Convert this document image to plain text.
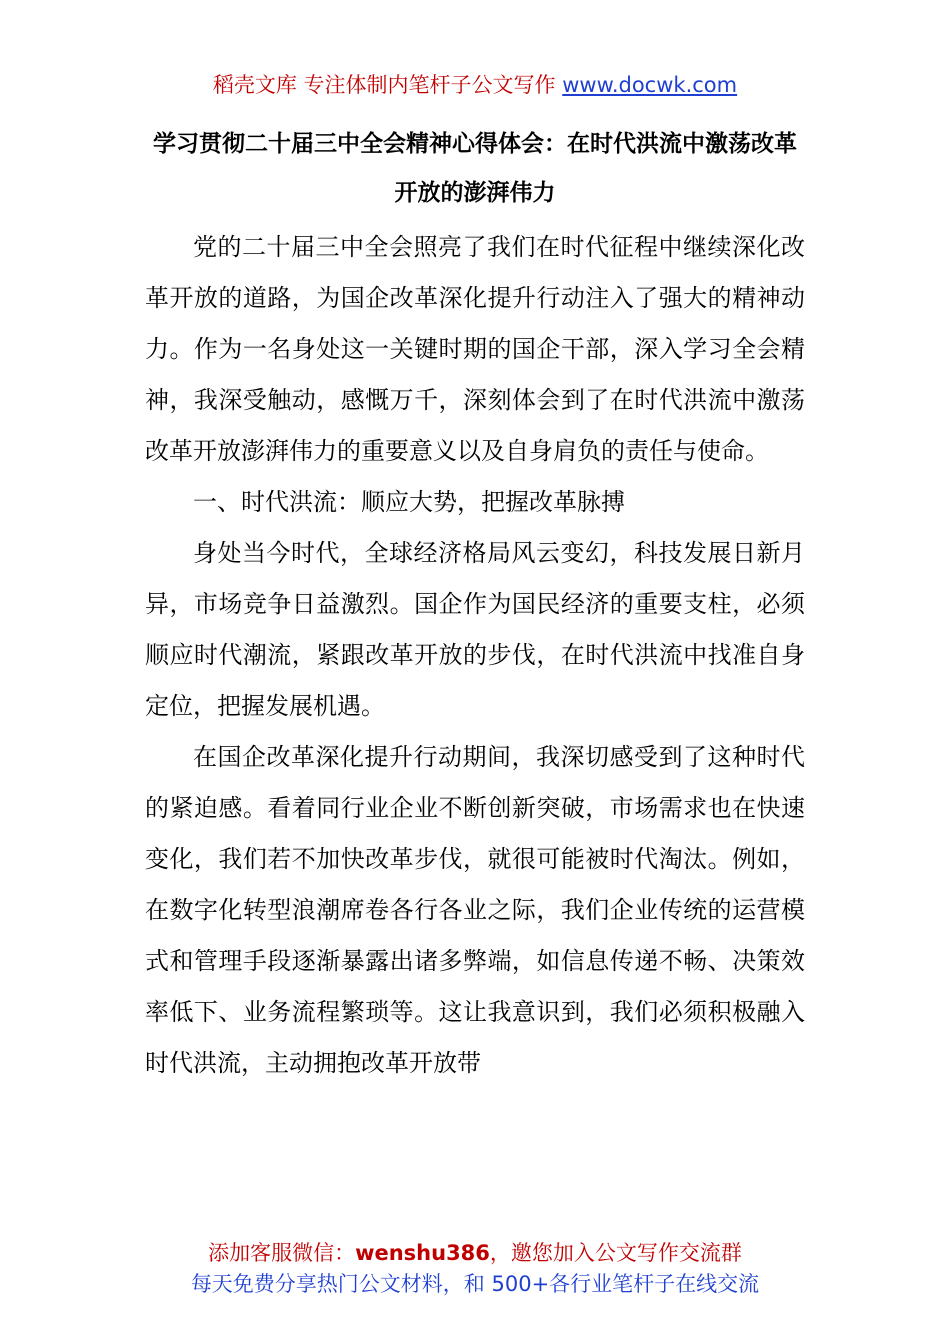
稻壳文库 专注体制内笔杆子公文写作 www.docwk.com
学习贯彻二十届三中全会精神心得体会：在时代洪流中激荡改革开放的澎湃伟力

党的二十届三中全会照亮了我们在时代征程中继续深化改革开放的道路，为国企改革深化提升行动注入了强大的精神动力。作为一名身处这一关键时期的国企干部，深入学习全会精神，我深受触动，感慨万千，深刻体会到了在时代洪流中激荡改革开放澎湃伟力的重要意义以及自身肩负的责任与使命。

一、时代洪流：顺应大势，把握改革脉搏

身处当今时代，全球经济格局风云变幻，科技发展日新月异，市场竞争日益激烈。国企作为国民经济的重要支柱，必须顺应时代潮流，紧跟改革开放的步伐，在时代洪流中找准自身定位，把握发展机遇。

在国企改革深化提升行动期间，我深切感受到了这种时代的紧迫感。看着同行业企业不断创新突破，市场需求也在快速变化，我们若不加快改革步伐，就很可能被时代淘汰。例如，在数字化转型浪潮席卷各行各业之际，我们企业传统的运营模式和管理手段逐渐暴露出诸多弊端，如信息传递不畅、决策效率低下、业务流程繁琐等。这让我意识到，我们必须积极融入时代洪流，主动拥抱改革开放带

添加客服微信：wenshu386，邀您加入公文写作交流群
每天免费分享热门公文材料，和 500+各行业笔杆子在线交流
